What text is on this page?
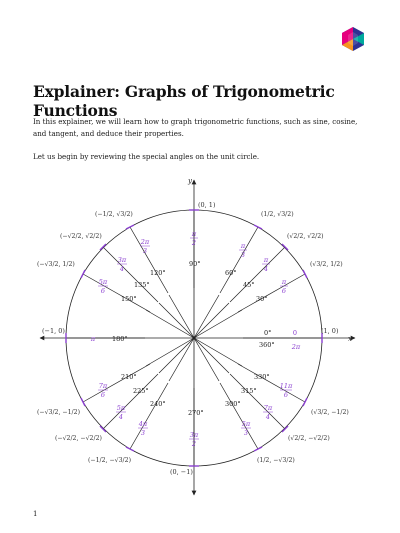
Explainer: Graphs of Trigonometric Functions

In this explainer, we will learn how to graph trigonometric functions, such as sine, cosine, and tangent, and deduce their properties.

Let us begin by reviewing the special angles on the unit circle.

x
y
(0, 1)
(0, −1)
(−1, 0)	(1, 0)
0°
360°
30°
45°
60°
90°
120°
135°
150°
180°
210°
225°
240°
270°
300°
315°
330°
0
2π
π
π
6
π
4
π
3
π
2
2π
3
3π
4
5π
6
7π
6
5π
4
4π
3	3π
2
5π
3
7π
4
11π
6
(1/2, √3/2)
(√2/2, √2/2)
(√3/2, 1/2)
(−1/2, √3/2)
(−√2/2, √2/2)
(−√3/2, 1/2)
(−√3/2, −1/2)
(−√2/2, −√2/2)
(−1/2, −√3/2)	(1/2, −√3/2)
(√2/2, −√2/2)
(√3/2, −1/2)

1
